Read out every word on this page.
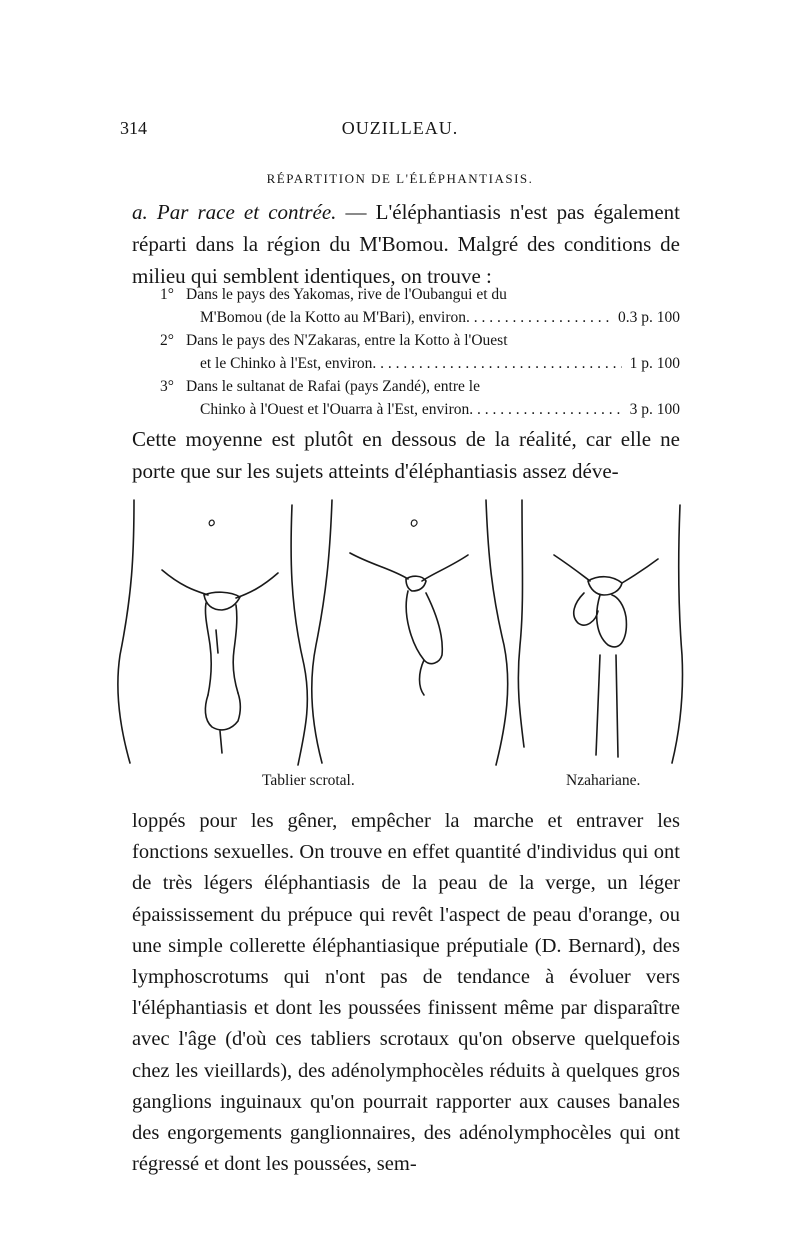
314	OUZILLEAU.
RÉPARTITION DE L'ÉLÉPHANTIASIS.
a. Par race et contrée. — L'éléphantiasis n'est pas également réparti dans la région du M'Bomou. Malgré des conditions de milieu qui semblent identiques, on trouve :
1° Dans le pays des Yakomas, rive de l'Oubangui et du
M'Bomou (de la Kotto au M'Bari), environ . . .	0.3 p. 100
2° Dans le pays des N'Zakaras, entre la Kotto à l'Ouest
et le Chinko à l'Est, environ . . .	1 p. 100
3° Dans le sultanat de Rafai (pays Zandé), entre le
Chinko à l'Ouest et l'Ouarra à l'Est, environ . . .	3 p. 100
Cette moyenne est plutôt en dessous de la réalité, car elle ne porte que sur les sujets atteints d'éléphantiasis assez déve-
Tablier scrotal.	Nzahariane.
loppés pour les gêner, empêcher la marche et entraver les fonctions sexuelles. On trouve en effet quantité d'individus qui ont de très légers éléphantiasis de la peau de la verge, un léger épaississement du prépuce qui revêt l'aspect de peau d'orange, ou une simple collerette éléphantiasique préputiale (D. Bernard), des lymphoscrotums qui n'ont pas de tendance à évoluer vers l'éléphantiasis et dont les poussées finissent même par disparaître avec l'âge (d'où ces tabliers scrotaux qu'on observe quelquefois chez les vieillards), des adénolymphocèles réduits à quelques gros ganglions inguinaux qu'on pourrait rapporter aux causes banales des engorgements ganglionnaires, des adénolymphocèles qui ont régressé et dont les poussées, sem-
